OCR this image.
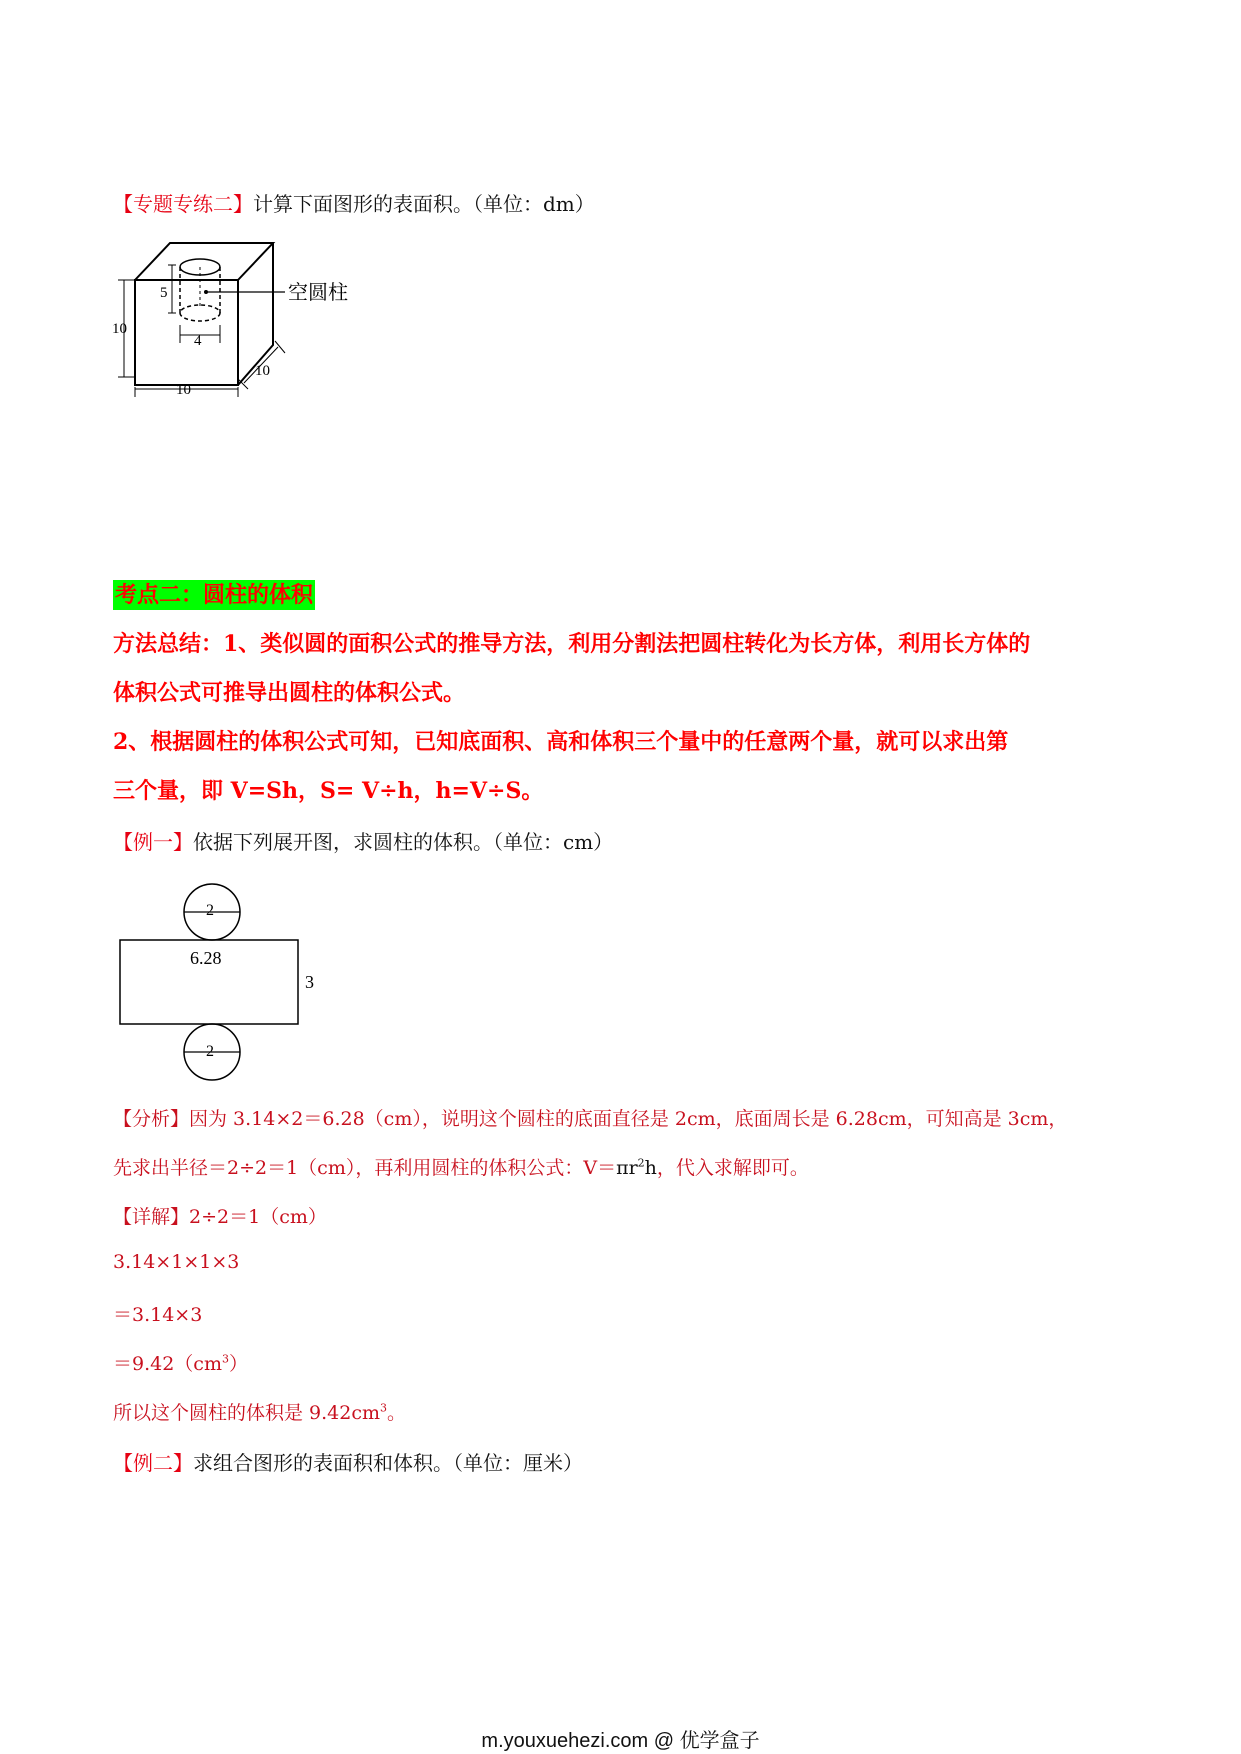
【专题专练二】计算下面图形的表面积。（单位：dm）
5
4
空圆柱
10
10
10
考点二：圆柱的体积
方法总结：1、类似圆的面积公式的推导方法，利用分割法把圆柱转化为长方体，利用长方体的
体积公式可推导出圆柱的体积公式。
2、根据圆柱的体积公式可知，已知底面积、高和体积三个量中的任意两个量，就可以求出第
三个量，即 V=Sh，S= V÷h，h=V÷S。
【例一】依据下列展开图，求圆柱的体积。（单位：cm）
2
6.28
3
2
【分析】因为 3.14×2＝6.28（cm），说明这个圆柱的底面直径是 2cm，底面周长是 6.28cm，可知高是 3cm，
先求出半径＝2÷2＝1（cm），再利用圆柱的体积公式：$V=\pi r^2h$，代入求解即可。
【详解】2÷2＝1（cm）
3.14×1×1×3
＝3.14×3
$=9.42(cm^3)$
所以这个圆柱的体积是 $9.42cm^3$。
【例二】求组合图形的表面积和体积。（单位：厘米）
m.youxuehezi.com @ 优学盒子
